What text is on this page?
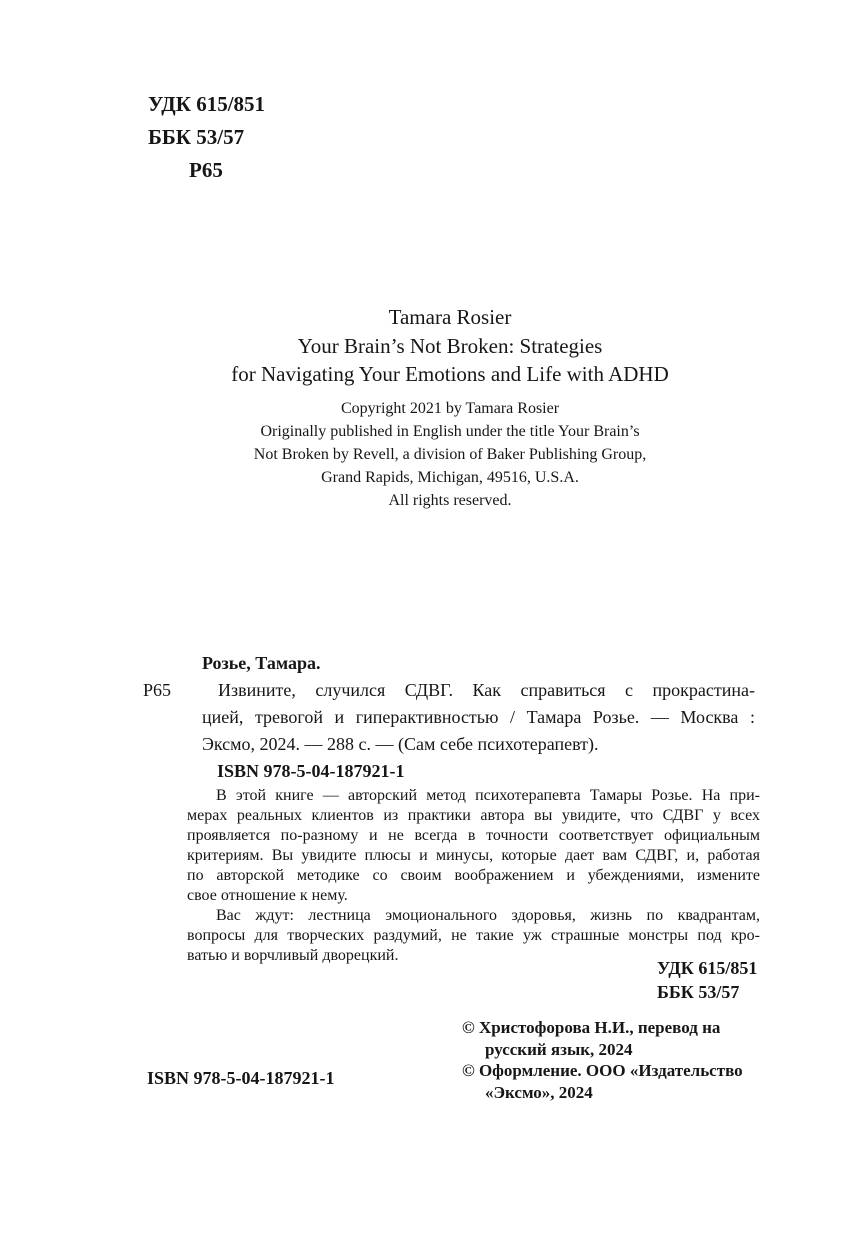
УДК 615/851
ББК 53/57
Р65
Tamara Rosier
Your Brain’s Not Broken: Strategies
for Navigating Your Emotions and Life with ADHD
Copyright 2021 by Tamara Rosier
Originally published in English under the title Your Brain’s
Not Broken by Revell, a division of Baker Publishing Group,
Grand Rapids, Michigan, 49516, U.S.A.
All rights reserved.
Розье, Тамара.
Р65	Извините, случился СДВГ. Как справиться с прокрастина-
цией, тревогой и гиперактивностью / Тамара Розье. — Москва :
Эксмо, 2024. — 288 с. — (Сам себе психотерапевт).
ISBN 978-5-04-187921-1
В этой книге — авторский метод психотерапевта Тамары Розье. На при-
мерах реальных клиентов из практики автора вы увидите, что СДВГ у всех
проявляется по-разному и не всегда в точности соответствует официальным
критериям. Вы увидите плюсы и минусы, которые дает вам СДВГ, и, работая
по авторской методике со своим воображением и убеждениями, измените
свое отношение к нему.
Вас ждут: лестница эмоционального здоровья, жизнь по квадрантам,
вопросы для творческих раздумий, не такие уж страшные монстры под кро-
ватью и ворчливый дворецкий.
УДК 615/851
ББК 53/57
© Христофорова Н.И., перевод на
русский язык, 2024
© Оформление. ООО «Издательство
«Эксмо», 2024
ISBN 978-5-04-187921-1
